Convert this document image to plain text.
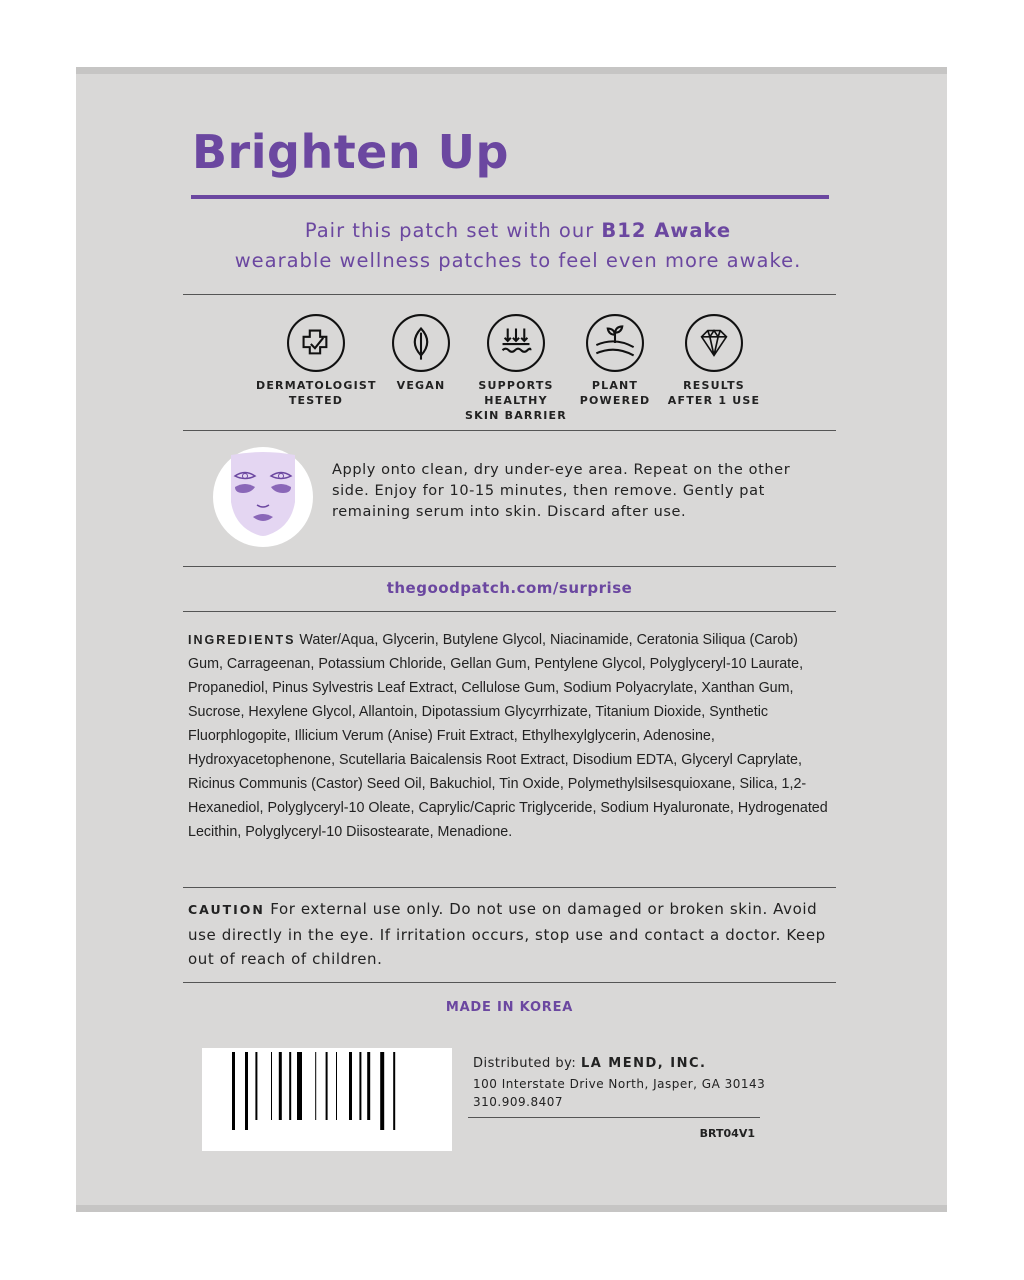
Brighten Up
Pair this patch set with our B12 Awake
wearable wellness patches to feel even more awake.
DERMATOLOGIST
TESTED
VEGAN	SUPPORTS
HEALTHY
SKIN BARRIER
PLANT
POWERED
RESULTS
AFTER 1 USE
Apply onto clean, dry under-eye area. Repeat on the other side. Enjoy for 10-15 minutes, then remove. Gently pat remaining serum into skin. Discard after use.
thegoodpatch.com/surprise
INGREDIENTS Water/Aqua, Glycerin, Butylene Glycol, Niacinamide, Ceratonia Siliqua (Carob) Gum, Carrageenan, Potassium Chloride, Gellan Gum, Pentylene Glycol, Polyglyceryl-10 Laurate, Propanediol, Pinus Sylvestris Leaf Extract, Cellulose Gum, Sodium Polyacrylate, Xanthan Gum, Sucrose, Hexylene Glycol, Allantoin, Dipotassium Glycyrrhizate, Titanium Dioxide, Synthetic Fluorphlogopite, Illicium Verum (Anise) Fruit Extract, Ethylhexylglycerin, Adenosine, Hydroxyacetophenone, Scutellaria Baicalensis Root Extract, Disodium EDTA, Glyceryl Caprylate, Ricinus Communis (Castor) Seed Oil, Bakuchiol, Tin Oxide, Polymethylsilsesquioxane, Silica, 1,2-Hexanediol, Polyglyceryl-10 Oleate, Caprylic/Capric Triglyceride, Sodium Hyaluronate, Hydrogenated Lecithin, Polyglyceryl-10 Diisostearate, Menadione.
CAUTION For external use only. Do not use on damaged or broken skin. Avoid use directly in the eye. If irritation occurs, stop use and contact a doctor. Keep out of reach of children.
MADE IN KOREA
Distributed by: LA MEND, INC.
100 Interstate Drive North, Jasper, GA 30143
310.909.8407
BRT04V1
